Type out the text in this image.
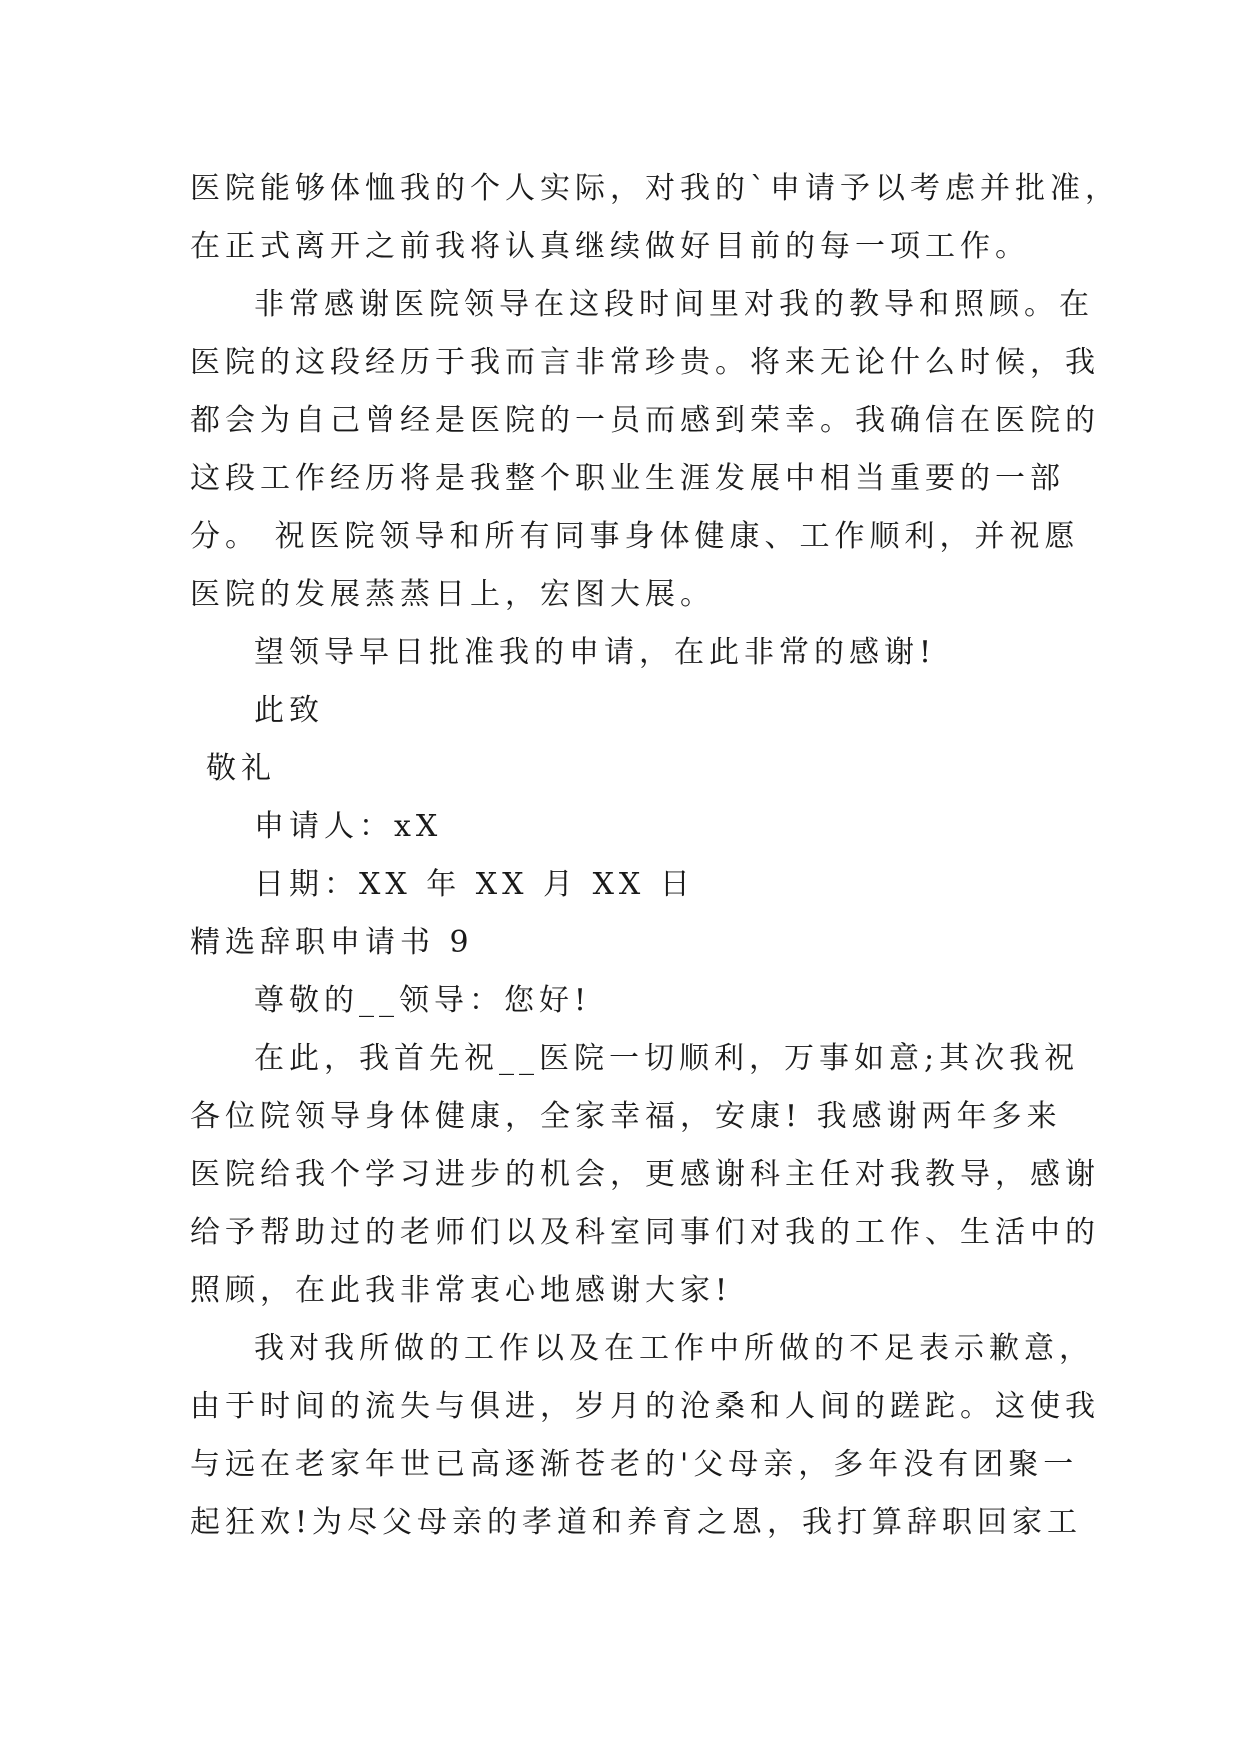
医院能够体恤我的个人实际，对我的`申请予以考虑并批准，
在正式离开之前我将认真继续做好目前的每一项工作。
非常感谢医院领导在这段时间里对我的教导和照顾。在
医院的这段经历于我而言非常珍贵。将来无论什么时候，我
都会为自己曾经是医院的一员而感到荣幸。我确信在医院的
这段工作经历将是我整个职业生涯发展中相当重要的一部
分。 祝医院领导和所有同事身体健康、工作顺利，并祝愿
医院的发展蒸蒸日上，宏图大展。
望领导早日批准我的申请，在此非常的感谢!
此致
敬礼
申请人：xX
日期：XX 年 XX 月 XX 日
精选辞职申请书 9
尊敬的__领导：您好!
在此，我首先祝__医院一切顺利，万事如意;其次我祝
各位院领导身体健康，全家幸福，安康! 我感谢两年多来
医院给我个学习进步的机会，更感谢科主任对我教导，感谢
给予帮助过的老师们以及科室同事们对我的工作、生活中的
照顾，在此我非常衷心地感谢大家!
我对我所做的工作以及在工作中所做的不足表示歉意，
由于时间的流失与俱进，岁月的沧桑和人间的蹉跎。这使我
与远在老家年世已高逐渐苍老的'父母亲，多年没有团聚一
起狂欢!为尽父母亲的孝道和养育之恩，我打算辞职回家工
